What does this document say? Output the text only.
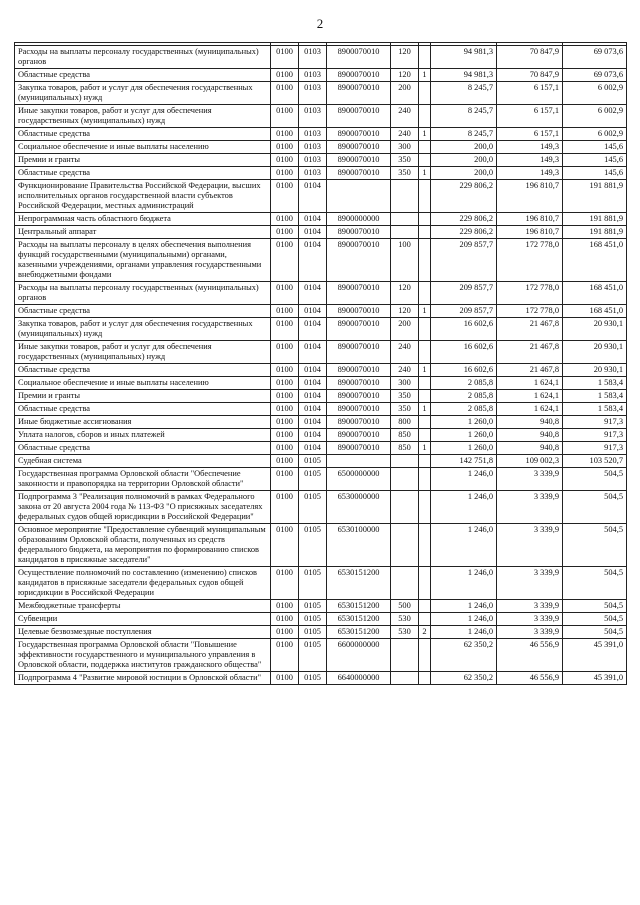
2

Расходы на выплаты персоналу государственных (муниципальных) органов	0100	0103	8900070010	120		94 981,3	70 847,9	69 073,6
Областные средства	0100	0103	8900070010	120	1	94 981,3	70 847,9	69 073,6
Закупка товаров, работ и услуг для обеспечения государственных (муниципальных) нужд	0100	0103	8900070010	200		8 245,7	6 157,1	6 002,9
Иные закупки товаров, работ и услуг для обеспечения государственных (муниципальных) нужд	0100	0103	8900070010	240		8 245,7	6 157,1	6 002,9
Областные средства	0100	0103	8900070010	240	1	8 245,7	6 157,1	6 002,9
Социальное обеспечение и иные выплаты населению	0100	0103	8900070010	300		200,0	149,3	145,6
Премии и гранты	0100	0103	8900070010	350		200,0	149,3	145,6
Областные средства	0100	0103	8900070010	350	1	200,0	149,3	145,6
Функционирование Правительства Российской Федерации, высших исполнительных органов государственной власти субъектов Российской Федерации, местных администраций	0100	0104				229 806,2	196 810,7	191 881,9
Непрограммная часть областного бюджета	0100	0104	8900000000			229 806,2	196 810,7	191 881,9
Центральный аппарат	0100	0104	8900070010			229 806,2	196 810,7	191 881,9
Расходы на выплаты персоналу в целях обеспечения выполнения функций государственными (муниципальными) органами, казенными учреждениями, органами управления государственными внебюджетными фондами	0100	0104	8900070010	100		209 857,7	172 778,0	168 451,0
Расходы на выплаты персоналу государственных (муниципальных) органов	0100	0104	8900070010	120		209 857,7	172 778,0	168 451,0
Областные средства	0100	0104	8900070010	120	1	209 857,7	172 778,0	168 451,0
Закупка товаров, работ и услуг для обеспечения государственных (муниципальных) нужд	0100	0104	8900070010	200		16 602,6	21 467,8	20 930,1
Иные закупки товаров, работ и услуг для обеспечения государственных (муниципальных) нужд	0100	0104	8900070010	240		16 602,6	21 467,8	20 930,1
Областные средства	0100	0104	8900070010	240	1	16 602,6	21 467,8	20 930,1
Социальное обеспечение и иные выплаты населению	0100	0104	8900070010	300		2 085,8	1 624,1	1 583,4
Премии и гранты	0100	0104	8900070010	350		2 085,8	1 624,1	1 583,4
Областные средства	0100	0104	8900070010	350	1	2 085,8	1 624,1	1 583,4
Иные бюджетные ассигнования	0100	0104	8900070010	800		1 260,0	940,8	917,3
Уплата налогов, сборов и иных платежей	0100	0104	8900070010	850		1 260,0	940,8	917,3
Областные средства	0100	0104	8900070010	850	1	1 260,0	940,8	917,3
Судебная система	0100	0105				142 751,8	109 002,3	103 520,7
Государственная программа Орловской области "Обеспечение законности и правопорядка на территории Орловской области"	0100	0105	6500000000			1 246,0	3 339,9	504,5
Подпрограмма 3 "Реализация полномочий в рамках Федерального закона от 20 августа 2004 года № 113-ФЗ "О присяжных заседателях федеральных судов общей юрисдикции в Российской Федерации"	0100	0105	6530000000			1 246,0	3 339,9	504,5
Основное мероприятие "Предоставление субвенций муниципальным образованиям Орловской области, полученных из средств федерального бюджета, на мероприятия по формированию списков кандидатов в присяжные заседатели"	0100	0105	6530100000			1 246,0	3 339,9	504,5
Осуществление полномочий по составлению (изменению) списков кандидатов в присяжные заседатели федеральных судов общей юрисдикции в Российской Федерации	0100	0105	6530151200			1 246,0	3 339,9	504,5
Межбюджетные трансферты	0100	0105	6530151200	500		1 246,0	3 339,9	504,5
Субвенции	0100	0105	6530151200	530		1 246,0	3 339,9	504,5
Целевые безвозмездные поступления	0100	0105	6530151200	530	2	1 246,0	3 339,9	504,5
Государственная программа Орловской области "Повышение эффективности государственного и муниципального управления в Орловской области, поддержка институтов гражданского общества"	0100	0105	6600000000			62 350,2	46 556,9	45 391,0
Подпрограмма 4 "Развитие мировой юстиции в Орловской области"	0100	0105	6640000000			62 350,2	46 556,9	45 391,0
